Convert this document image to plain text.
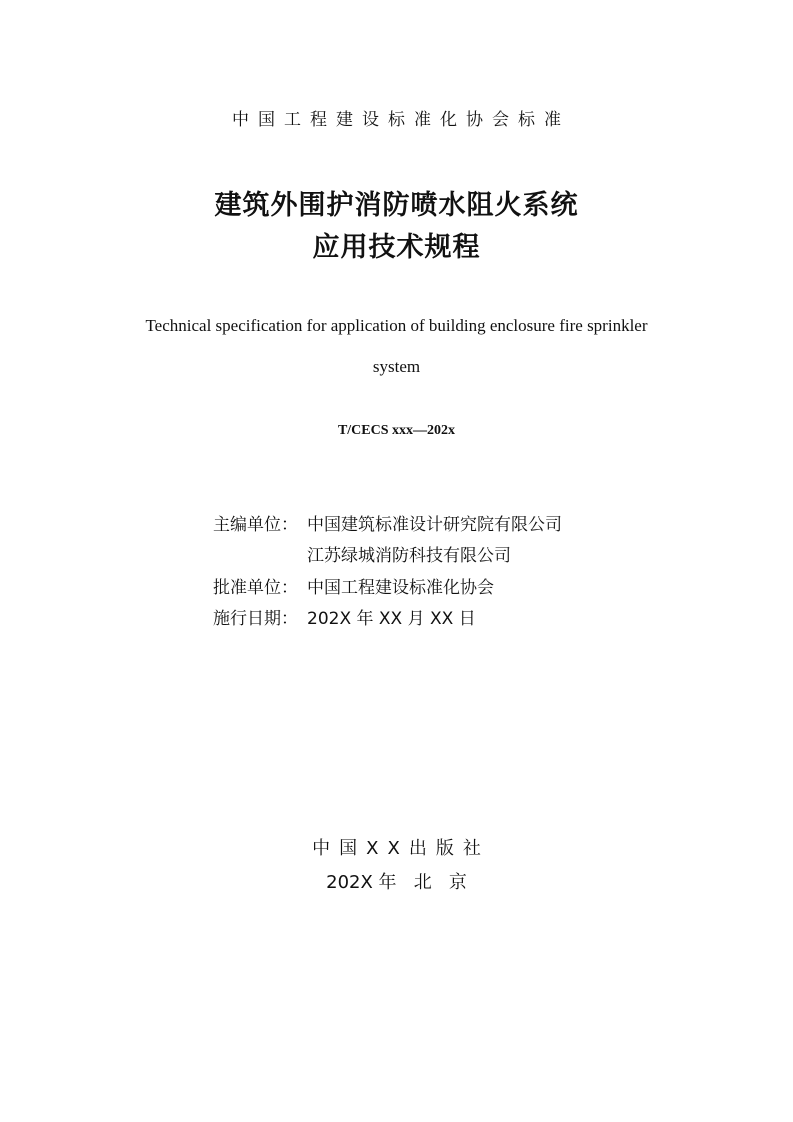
中国工程建设标准化协会标准
建筑外围护消防喷水阻火系统
应用技术规程
Technical specification for application of building enclosure fire sprinkler
system
T/CECS xxx—202x
主编单位： 中国建筑标准设计研究院有限公司
江苏绿城消防科技有限公司
批准单位： 中国工程建设标准化协会
施行日期： 202X 年 XX 月 XX 日
中国XX出版社
202X 年   北   京
